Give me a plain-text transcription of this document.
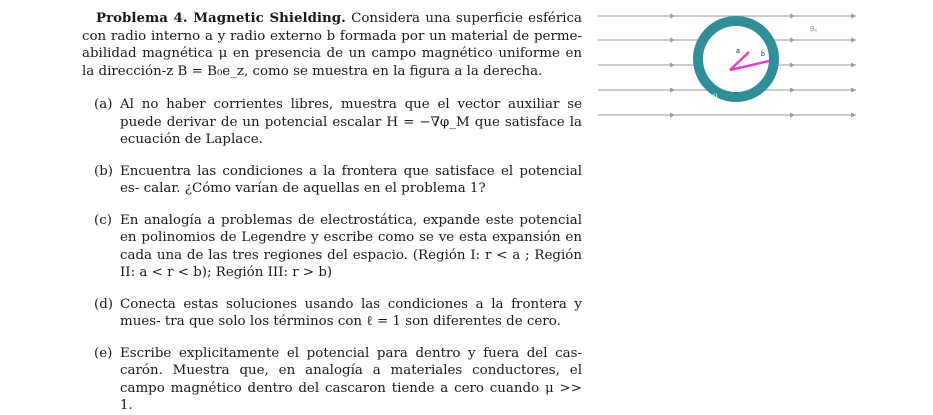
Problema 4. Magnetic Shielding. Considera una superficie esférica con radio interno a y radio externo b formada por un material de perme- abilidad magnética μ en presencia de un campo magnético uniforme en la dirección-z B = B₀e_z, como se muestra en la figura a la derecha.

(a) Al no haber corrientes libres, muestra que el vector auxiliar se puede derivar de un potencial escalar H = −∇φ_M que satisface la ecuación de Laplace.

(b) Encuentra las condiciones a la frontera que satisface el potencial es- calar. ¿Cómo varían de aquellas en el problema 1?

(c) En analogía a problemas de electrostática, expande este potencial en polinomios de Legendre y escribe como se ve esta expansión en cada una de las tres regiones del espacio. (Región I: r < a ; Región II: a < r < b); Región III: r > b)

(d) Conecta estas soluciones usando las condiciones a la frontera y mues- tra que solo los términos con ℓ = 1 son diferentes de cero.

(e) Escribe explicitamente el potencial para dentro y fuera del cas- carón. Muestra que, en analogía a materiales conductores, el campo magnético dentro del cascaron tiende a cero cuando μ >> 1.

B₀
a	b
μ
